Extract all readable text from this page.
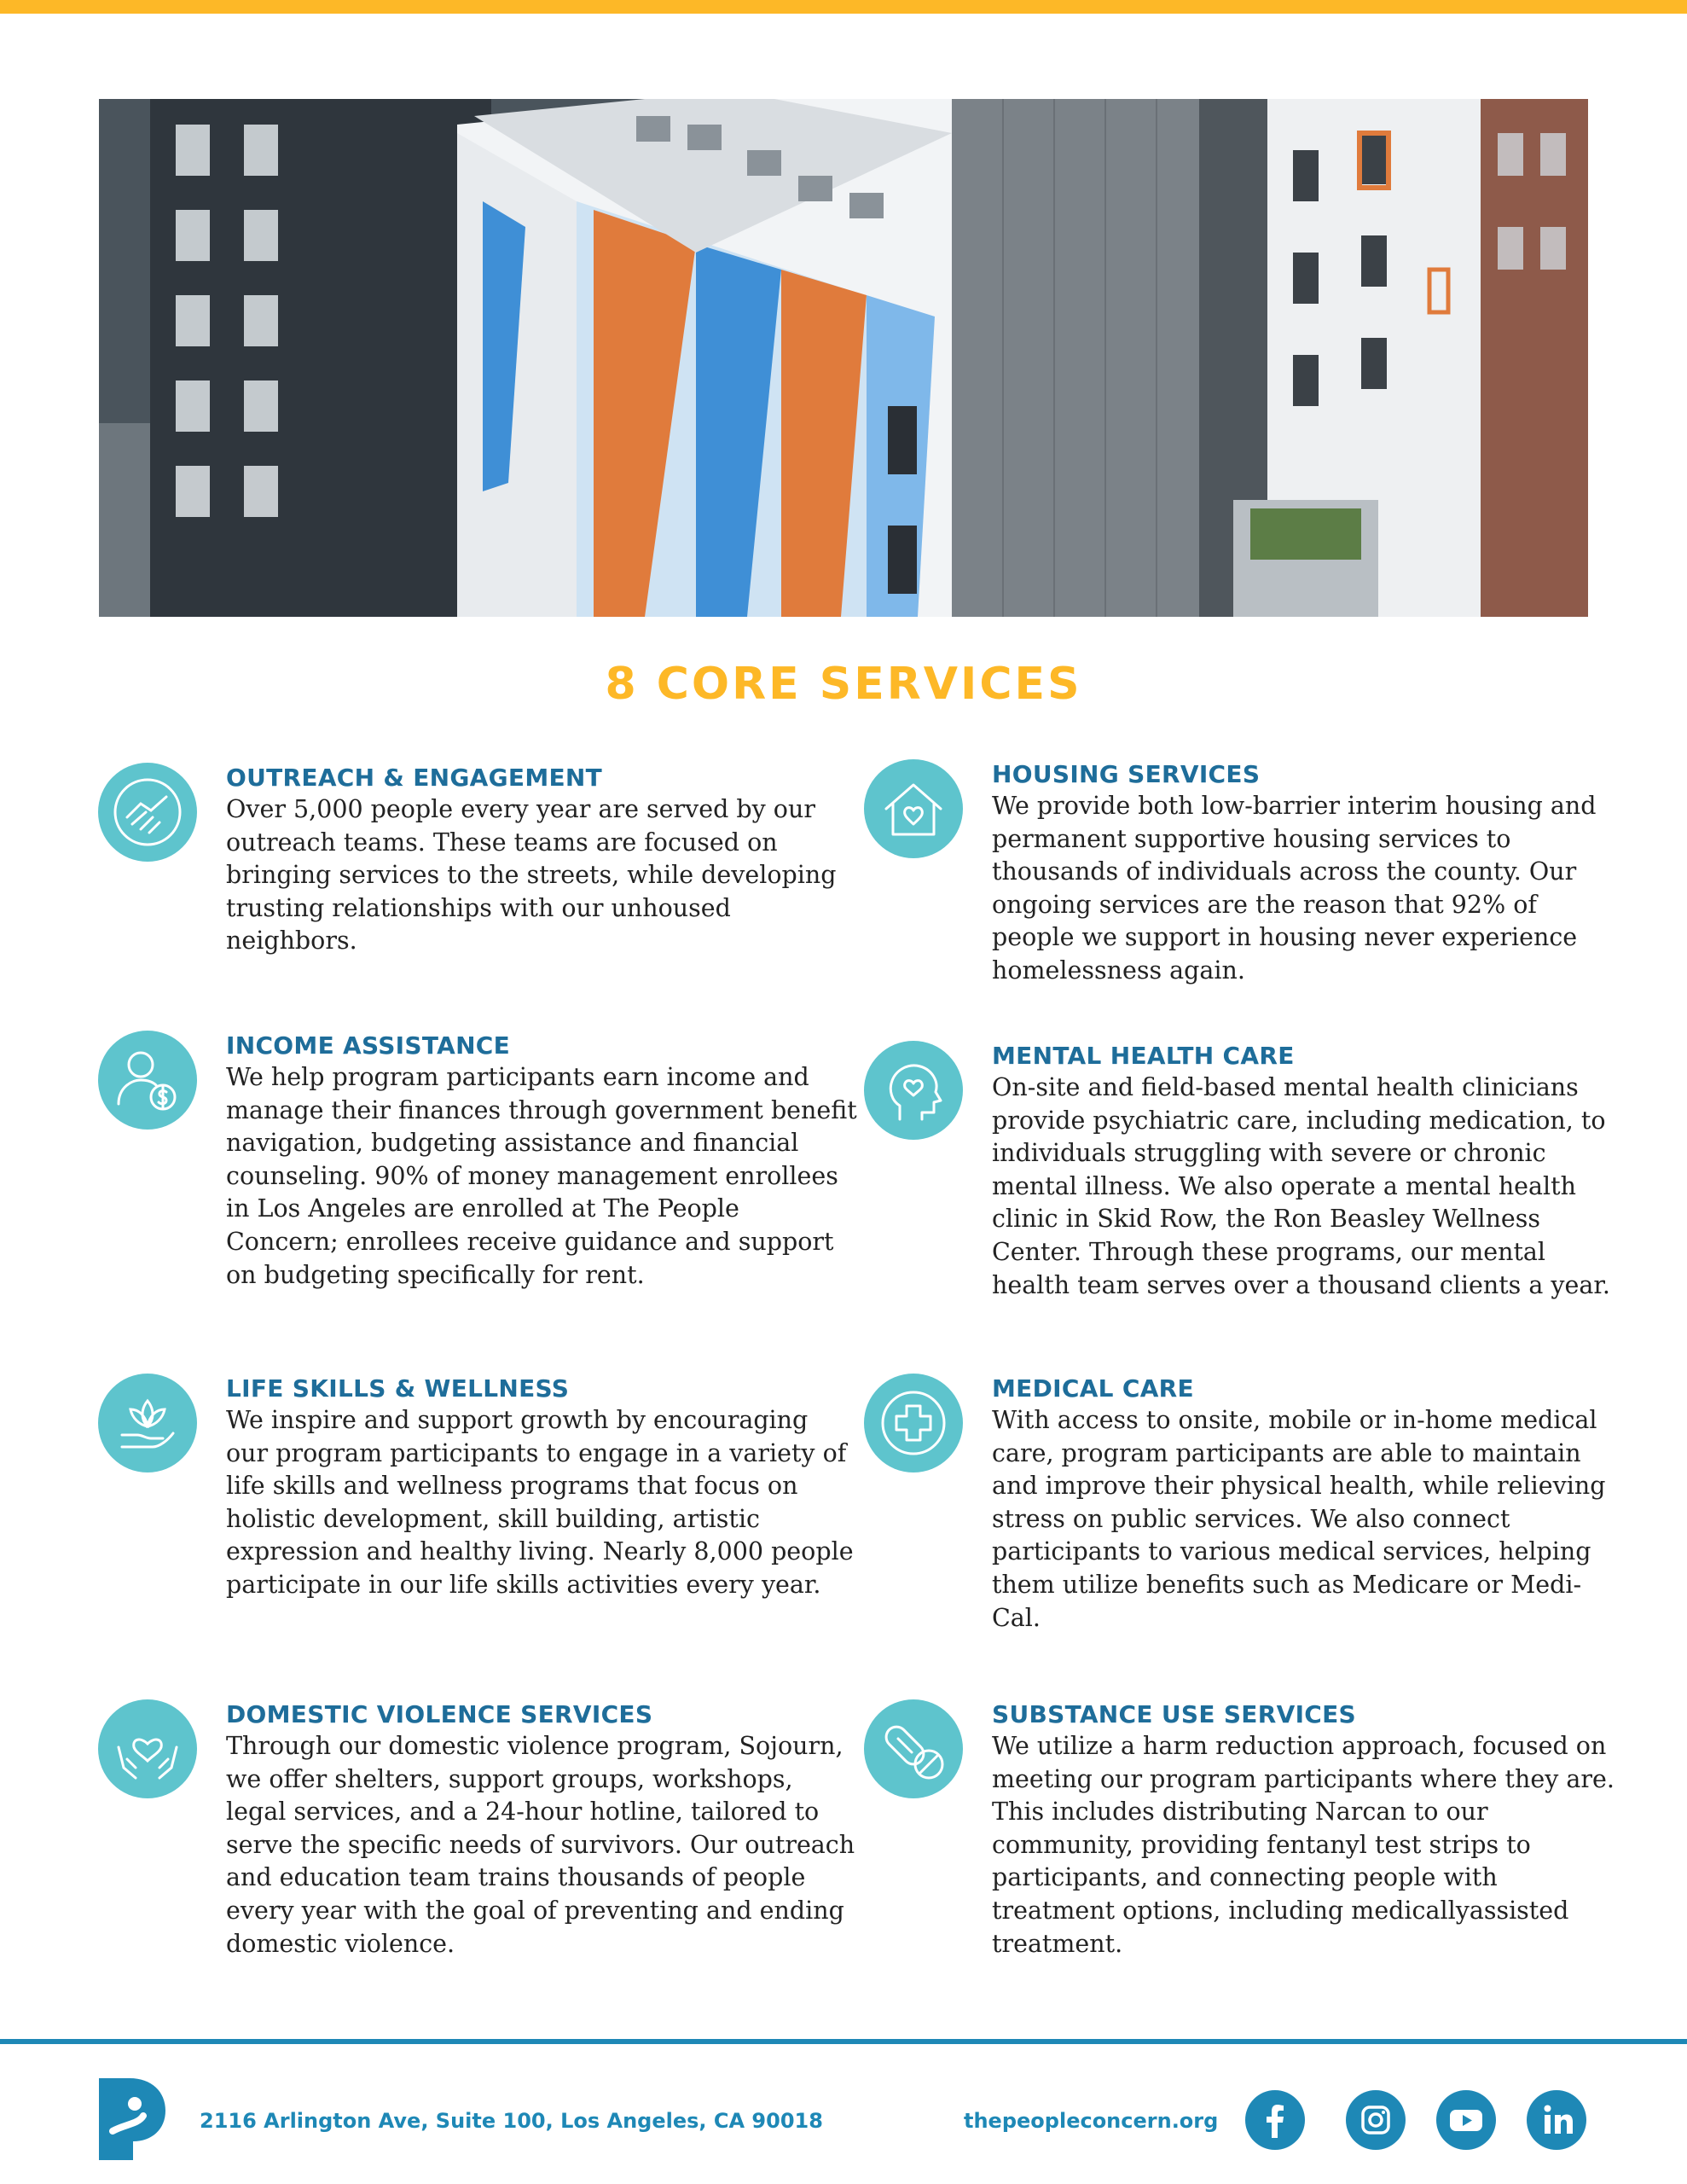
8 CORE SERVICES
OUTREACH & ENGAGEMENT

Over 5,000 people every year are served by our outreach teams. These teams are focused on bringing services to the streets, while developing trusting relationships with our unhoused neighbors.

INCOME ASSISTANCE

We help program participants earn income and manage their finances through government benefit navigation, budgeting assistance and financial counseling. 90% of money management enrollees in Los Angeles are enrolled at The People Concern; enrollees receive guidance and support on budgeting specifically for rent.

LIFE SKILLS & WELLNESS

We inspire and support growth by encouraging our program participants to engage in a variety of life skills and wellness programs that focus on holistic development, skill building, artistic expression and healthy living. Nearly 8,000 people participate in our life skills activities every year.

DOMESTIC VIOLENCE SERVICES

Through our domestic violence program, Sojourn, we offer shelters, support groups, workshops, legal services, and a 24-hour hotline, tailored to serve the specific needs of survivors. Our outreach and education team trains thousands of people every year with the goal of preventing and ending domestic violence.

HOUSING SERVICES

We provide both low-barrier interim housing and permanent supportive housing services to thousands of individuals across the county. Our ongoing services are the reason that 92% of people we support in housing never experience homelessness again.

MENTAL HEALTH CARE

On-site and field-based mental health clinicians provide psychiatric care, including medication, to individuals struggling with severe or chronic mental illness. We also operate a mental health clinic in Skid Row, the Ron Beasley Wellness Center. Through these programs, our mental health team serves over a thousand clients a year.

MEDICAL CARE

With access to onsite, mobile or in-home medical care, program participants are able to maintain and improve their physical health, while relieving stress on public services. We also connect participants to various medical services, helping them utilize benefits such as Medicare or Medi-Cal.

SUBSTANCE USE SERVICES

We utilize a harm reduction approach, focused on meeting our program participants where they are. This includes distributing Narcan to our community, providing fentanyl test strips to participants, and connecting people with treatment options, including medicallyassisted treatment.

2116 Arlington Ave, Suite 100, Los Angeles, CA 90018	thepeopleconcern.org
